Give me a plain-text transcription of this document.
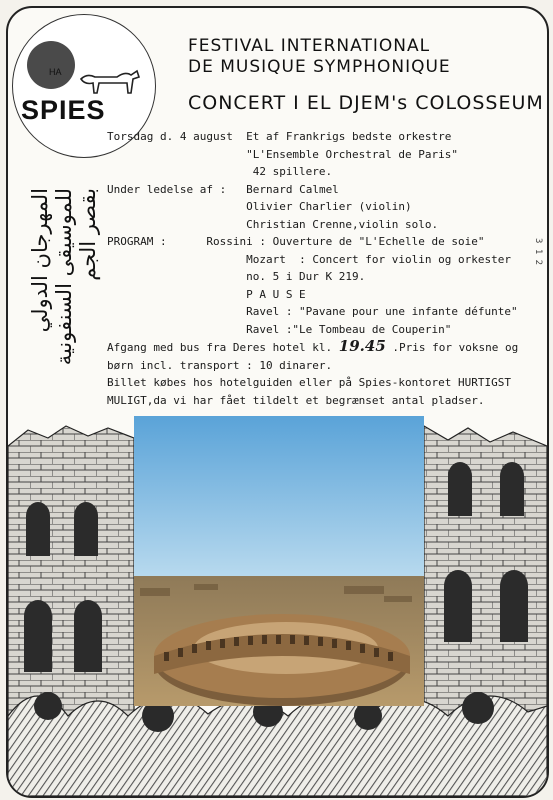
HA
SPIES
FESTIVAL INTERNATIONAL
DE MUSIQUE SYMPHONIQUE
CONCERT I EL DJEM's COLOSSEUM
المهرجان الدولي للموسيقى السنفونية بقصر الجم
Torsdag d. 4 august Et af Frankrigs bedste orkestre
"L'Ensemble Orchestral de Paris"
42 spillere.
Under ledelse af : Bernard Calmel
Olivier Charlier (violin)
Christian Crenne,violin solo.
PROGRAM :	Rossini : Ouverture de "L'Echelle de soie"
Mozart : Concert for violin og orkester
no. 5 i Dur K 219.
P A U S E
Ravel : "Pavane pour une infante défunte"
Ravel :"Le Tombeau de Couperin"
Afgang med bus fra Deres hotel kl. 19.45 .Pris for voksne og
børn incl. transport : 10 dinarer.
Billet købes hos hotelguiden eller på Spies-kontoret HURTIGST
MULIGT,da vi har fået tildelt et begrænset antal pladser.
3 1 2
